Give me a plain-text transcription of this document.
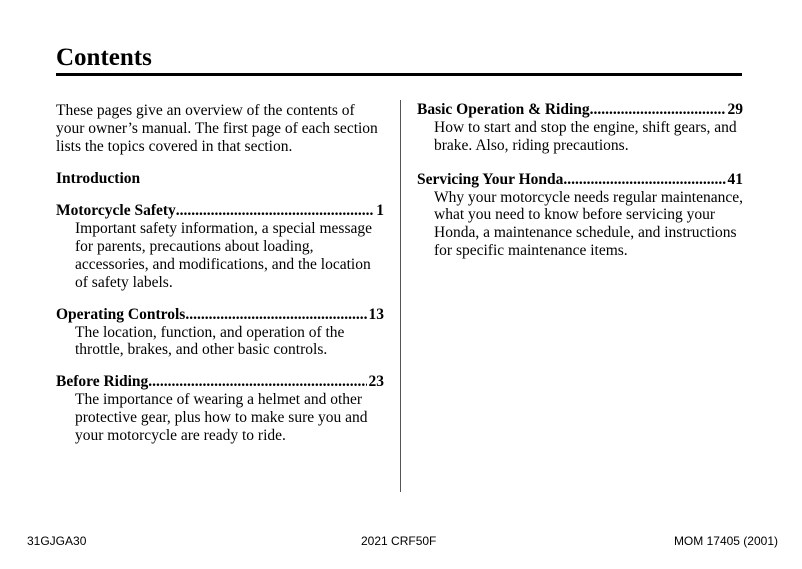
Contents

These pages give an overview of the contents of your owner’s manual. The first page of each section lists the topics covered in that section.

Introduction
Motorcycle Safety .....	1

Important safety information, a special message for parents, precautions about loading, accessories, and modifications, and the location of safety labels.

Operating Controls .....	13

The location, function, and operation of the throttle, brakes, and other basic controls.

Before Riding .....	23

The importance of wearing a helmet and other protective gear, plus how to make sure you and your motorcycle are ready to ride.

Basic Operation & Riding .....	29

How to start and stop the engine, shift gears, and brake. Also, riding precautions.

Servicing Your Honda .....	41

Why your motorcycle needs regular maintenance, what you need to know before servicing your Honda, a maintenance schedule, and instructions for specific maintenance items.

31GJGA30	2021 CRF50F	MOM 17405 (2001)
